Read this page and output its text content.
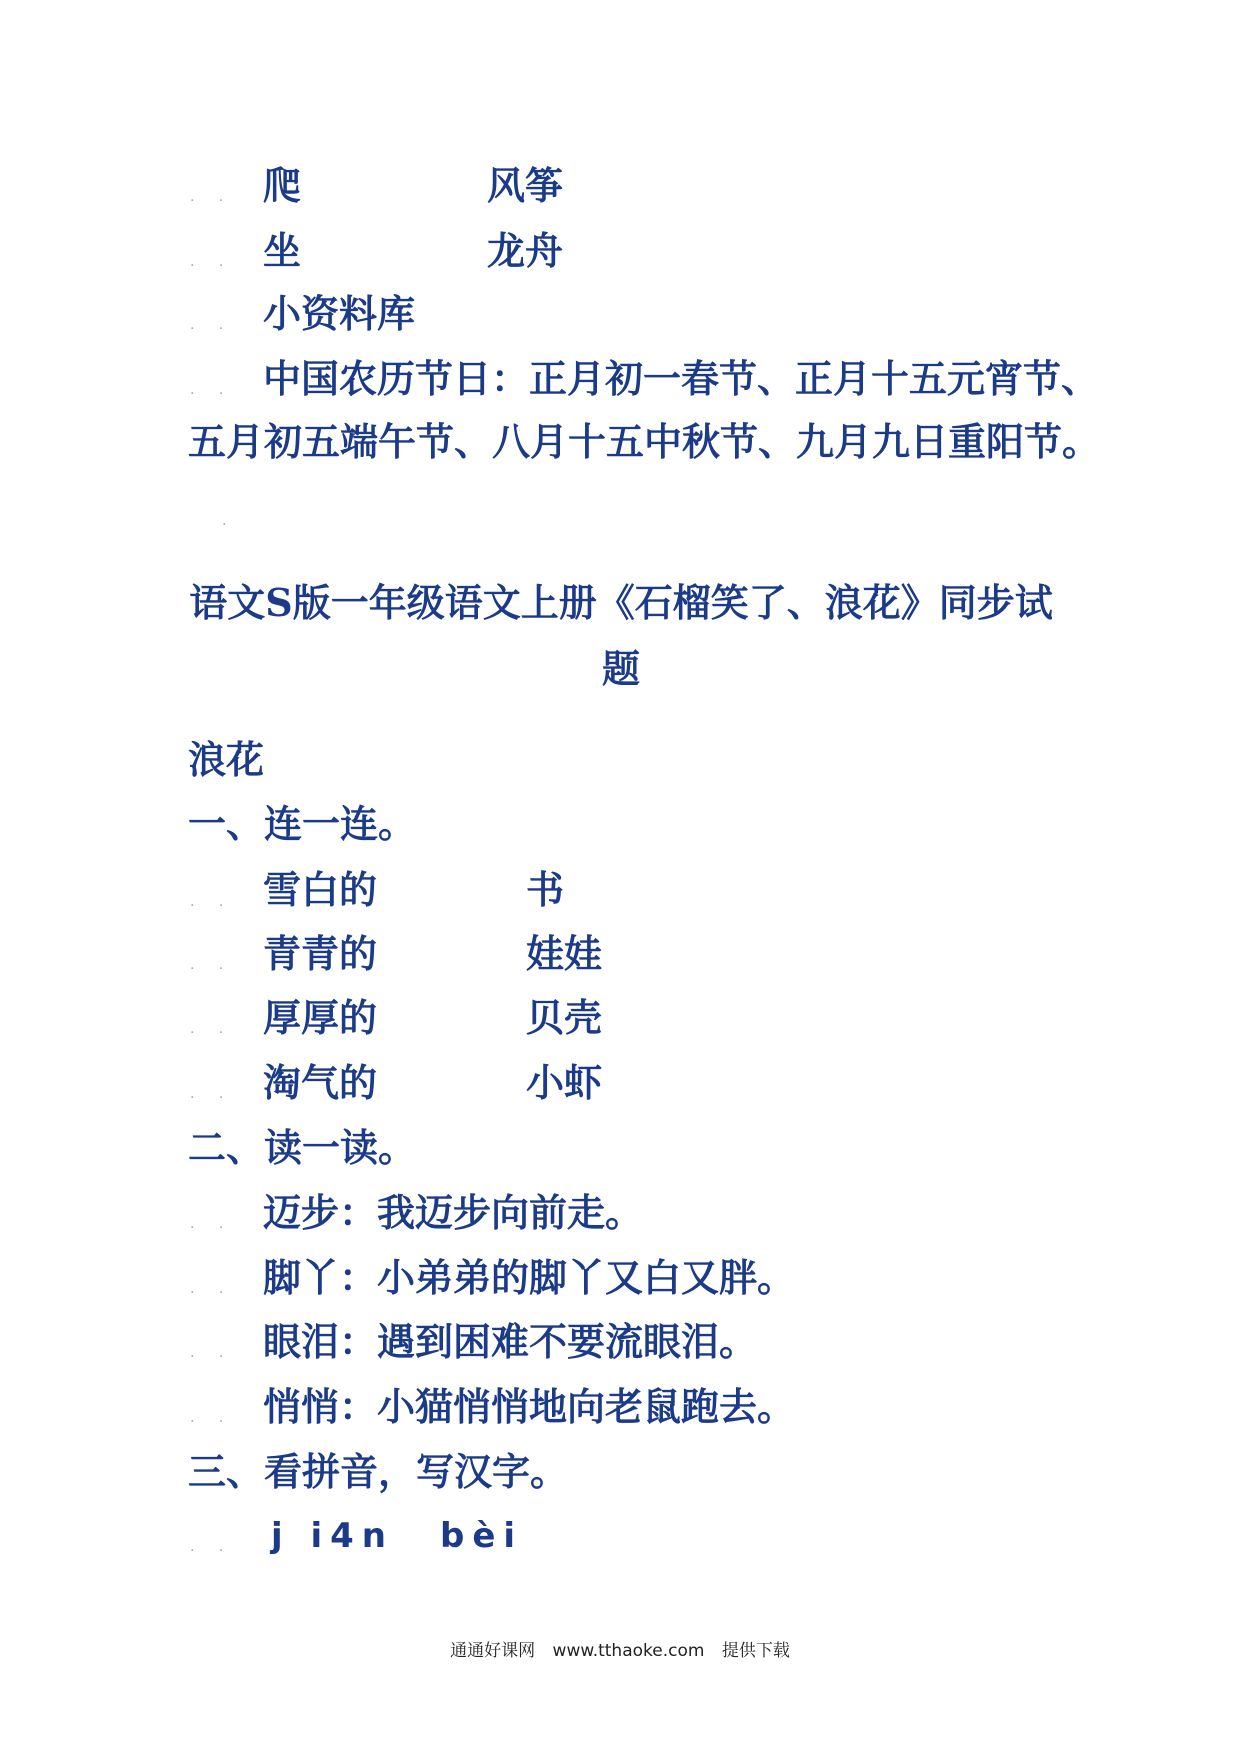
. . 爬	风筝
. . 坐	龙舟
. . 小资料库
. . 中国农历节日：正月初一春节、正月十五元宵节、
五月初五端午节、八月十五中秋节、九月九日重阳节。
.
语文S版一年级语文上册《石榴笑了、浪花》同步试
题
浪花
一、连一连。
. . 雪白的	书
. . 青青的	娃娃
. . 厚厚的	贝壳
. . 淘气的	小虾
二、读一读。
. . 迈步：我迈步向前走。
. . 脚丫：小弟弟的脚丫又白又胖。
. . 眼泪：遇到困难不要流眼泪。
. . 悄悄：小猫悄悄地向老鼠跑去。
三、看拼音，写汉字。
. . j i4n bèi
通通好课网 www.tthaoke.com 提供下载
